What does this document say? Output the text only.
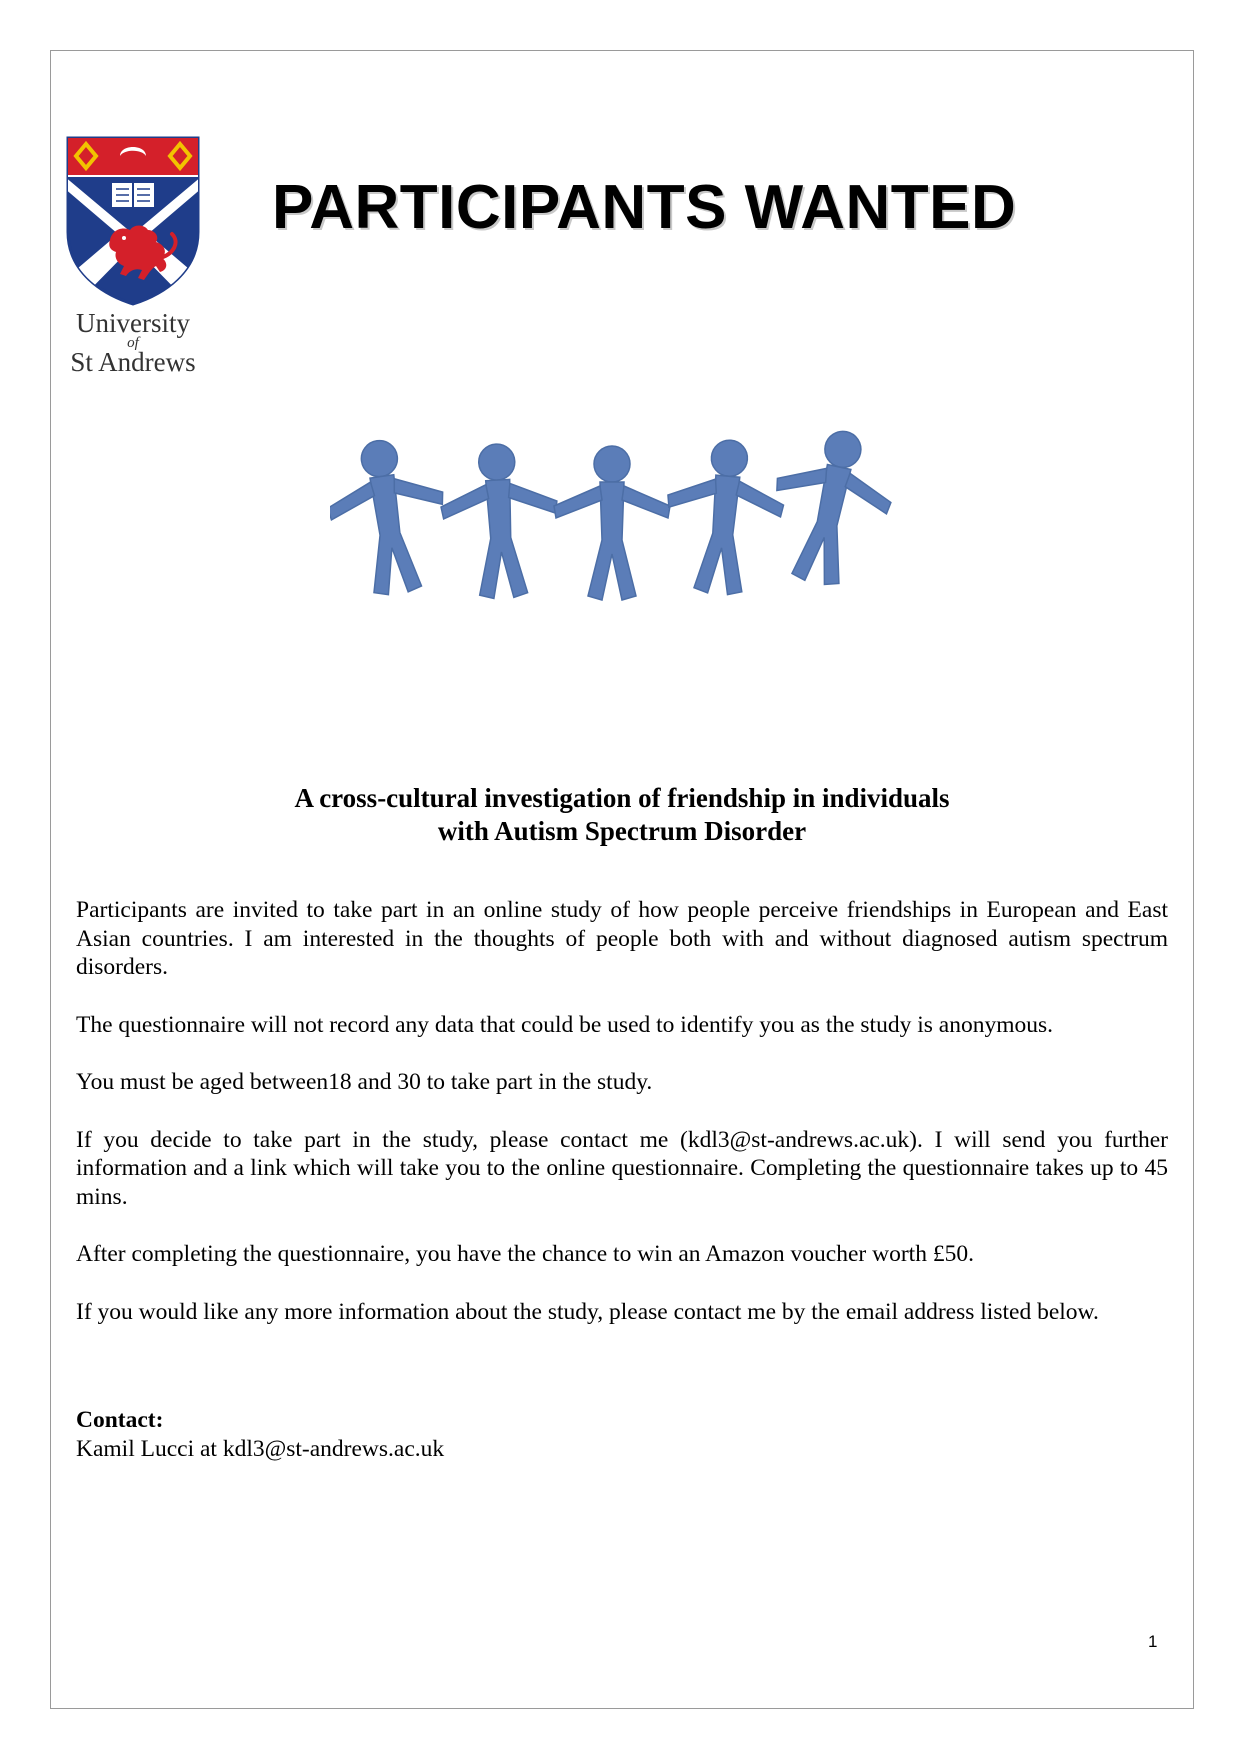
University
of
St Andrews
PARTICIPANTS WANTED
A cross-cultural investigation of friendship in individuals
with Autism Spectrum Disorder

Participants are invited to take part in an online study of how people perceive friendships in European and East Asian countries. I am interested in the thoughts of people both with and without diagnosed autism spectrum disorders.

The questionnaire will not record any data that could be used to identify you as the study is anonymous.

You must be aged between18 and 30 to take part in the study.

If you decide to take part in the study, please contact me (kdl3@st-andrews.ac.uk). I will send you further information and a link which will take you to the online questionnaire. Completing the questionnaire takes up to 45 mins.

After completing the questionnaire, you have the chance to win an Amazon voucher worth £50.

If you would like any more information about the study, please contact me by the email address listed below.

Contact:
Kamil Lucci at kdl3@st-andrews.ac.uk
1
